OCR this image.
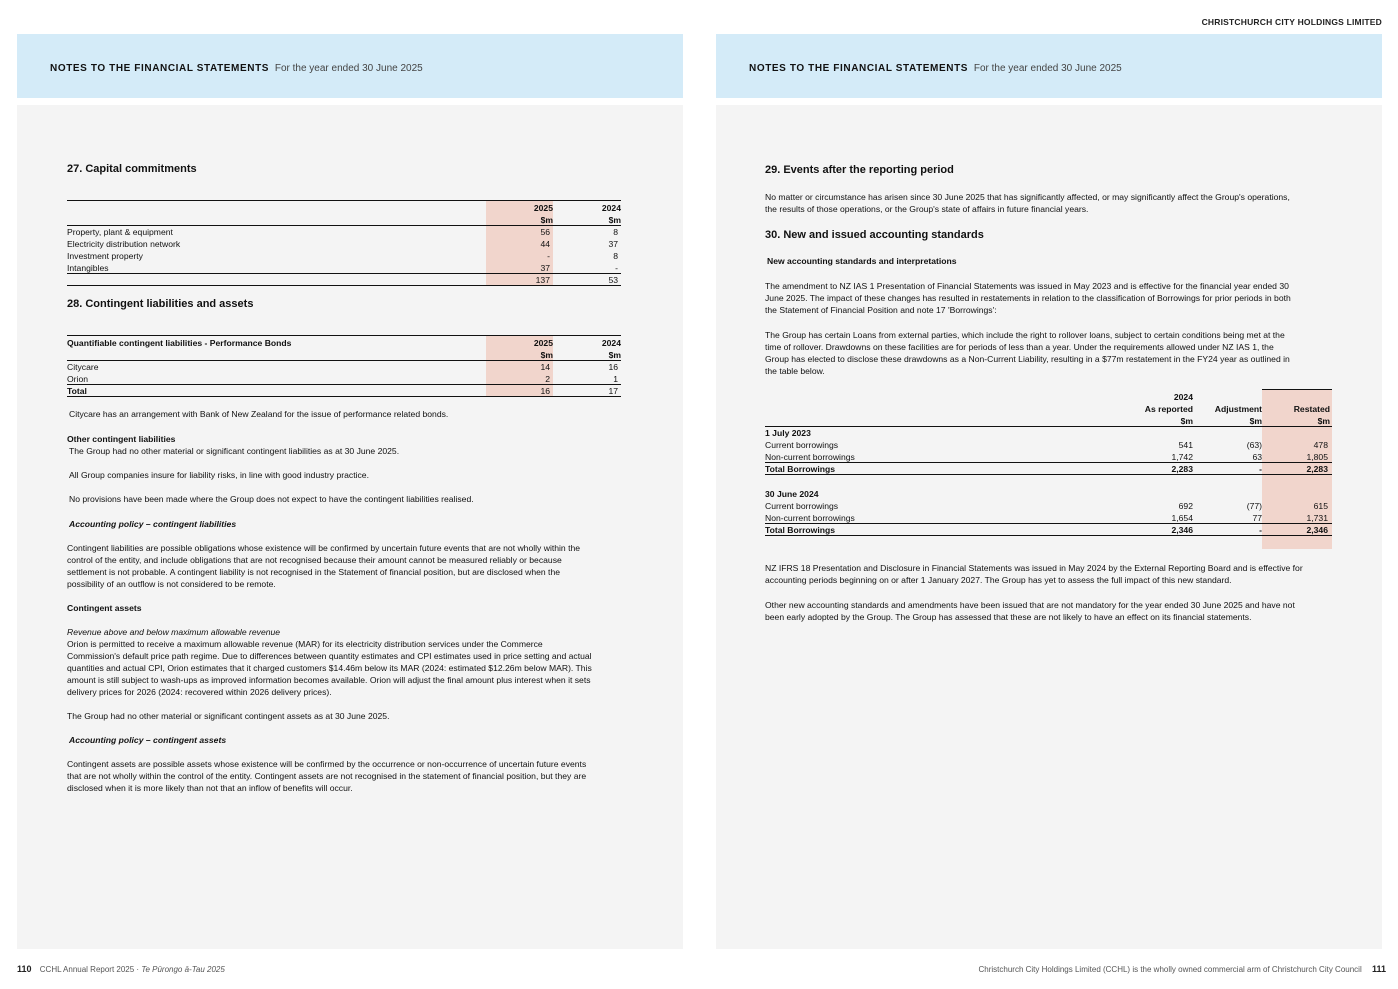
CHRISTCHURCH CITY HOLDINGS LIMITED
NOTES TO THE FINANCIAL STATEMENTS For the year ended 30 June 2025
27. Capital commitments
2025	2024
$m	$m
Property, plant & equipment	56	8
Electricity distribution network	44	37
Investment property	-	8
Intangibles	37	-
137	53
28. Contingent liabilities and assets
Quantifiable contingent liabilities - Performance Bonds	2025	2024
$m	$m
Citycare	14	16
Orion	2	1
Total	16	17
Citycare has an arrangement with Bank of New Zealand for the issue of performance related bonds.
Other contingent liabilities
The Group had no other material or significant contingent liabilities as at 30 June 2025.
All Group companies insure for liability risks, in line with good industry practice.
No provisions have been made where the Group does not expect to have the contingent liabilities realised.
Accounting policy – contingent liabilities
Contingent liabilities are possible obligations whose existence will be confirmed by uncertain future events that are not wholly within the
control of the entity, and include obligations that are not recognised because their amount cannot be measured reliably or because
settlement is not probable. A contingent liability is not recognised in the Statement of financial position, but are disclosed when the
possibility of an outflow is not considered to be remote.
Contingent assets
Revenue above and below maximum allowable revenue
Orion is permitted to receive a maximum allowable revenue (MAR) for its electricity distribution services under the Commerce
Commission's default price path regime. Due to differences between quantity estimates and CPI estimates used in price setting and actual
quantities and actual CPI, Orion estimates that it charged customers $14.46m below its MAR (2024: estimated $12.26m below MAR). This
amount is still subject to wash-ups as improved information becomes available. Orion will adjust the final amount plus interest when it sets
delivery prices for 2026 (2024: recovered within 2026 delivery prices).
The Group had no other material or significant contingent assets as at 30 June 2025.
Accounting policy – contingent assets
Contingent assets are possible assets whose existence will be confirmed by the occurrence or non-occurrence of uncertain future events
that are not wholly within the control of the entity. Contingent assets are not recognised in the statement of financial position, but they are
disclosed when it is more likely than not that an inflow of benefits will occur.
NOTES TO THE FINANCIAL STATEMENTS For the year ended 30 June 2025
29. Events after the reporting period
No matter or circumstance has arisen since 30 June 2025 that has significantly affected, or may significantly affect the Group's operations,
the results of those operations, or the Group's state of affairs in future financial years.
30. New and issued accounting standards
New accounting standards and interpretations
The amendment to NZ IAS 1 Presentation of Financial Statements was issued in May 2023 and is effective for the financial year ended 30
June 2025. The impact of these changes has resulted in restatements in relation to the classification of Borrowings for prior periods in both
the Statement of Financial Position and note 17 'Borrowings':
The Group has certain Loans from external parties, which include the right to rollover loans, subject to certain conditions being met at the
time of rollover. Drawdowns on these facilities are for periods of less than a year. Under the requirements allowed under NZ IAS 1, the
Group has elected to disclose these drawdowns as a Non-Current Liability, resulting in a $77m restatement in the FY24 year as outlined in
the table below.
2024
As reported	Adjustment	Restated
$m	$m	$m
1 July 2023
Current borrowings	541	(63)	478
Non-current borrowings	1,742	63	1,805
Total Borrowings	2,283	-	2,283
30 June 2024
Current borrowings	692	(77)	615
Non-current borrowings	1,654	77	1,731
Total Borrowings	2,346	-	2,346
NZ IFRS 18 Presentation and Disclosure in Financial Statements was issued in May 2024 by the External Reporting Board and is effective for
accounting periods beginning on or after 1 January 2027. The Group has yet to assess the full impact of this new standard.
Other new accounting standards and amendments have been issued that are not mandatory for the year ended 30 June 2025 and have not
been early adopted by the Group. The Group has assessed that these are not likely to have an effect on its financial statements.
110 CCHL Annual Report 2025 · Te Pūrongo ā-Tau 2025	Christchurch City Holdings Limited (CCHL) is the wholly owned commercial arm of Christchurch City Council 111
